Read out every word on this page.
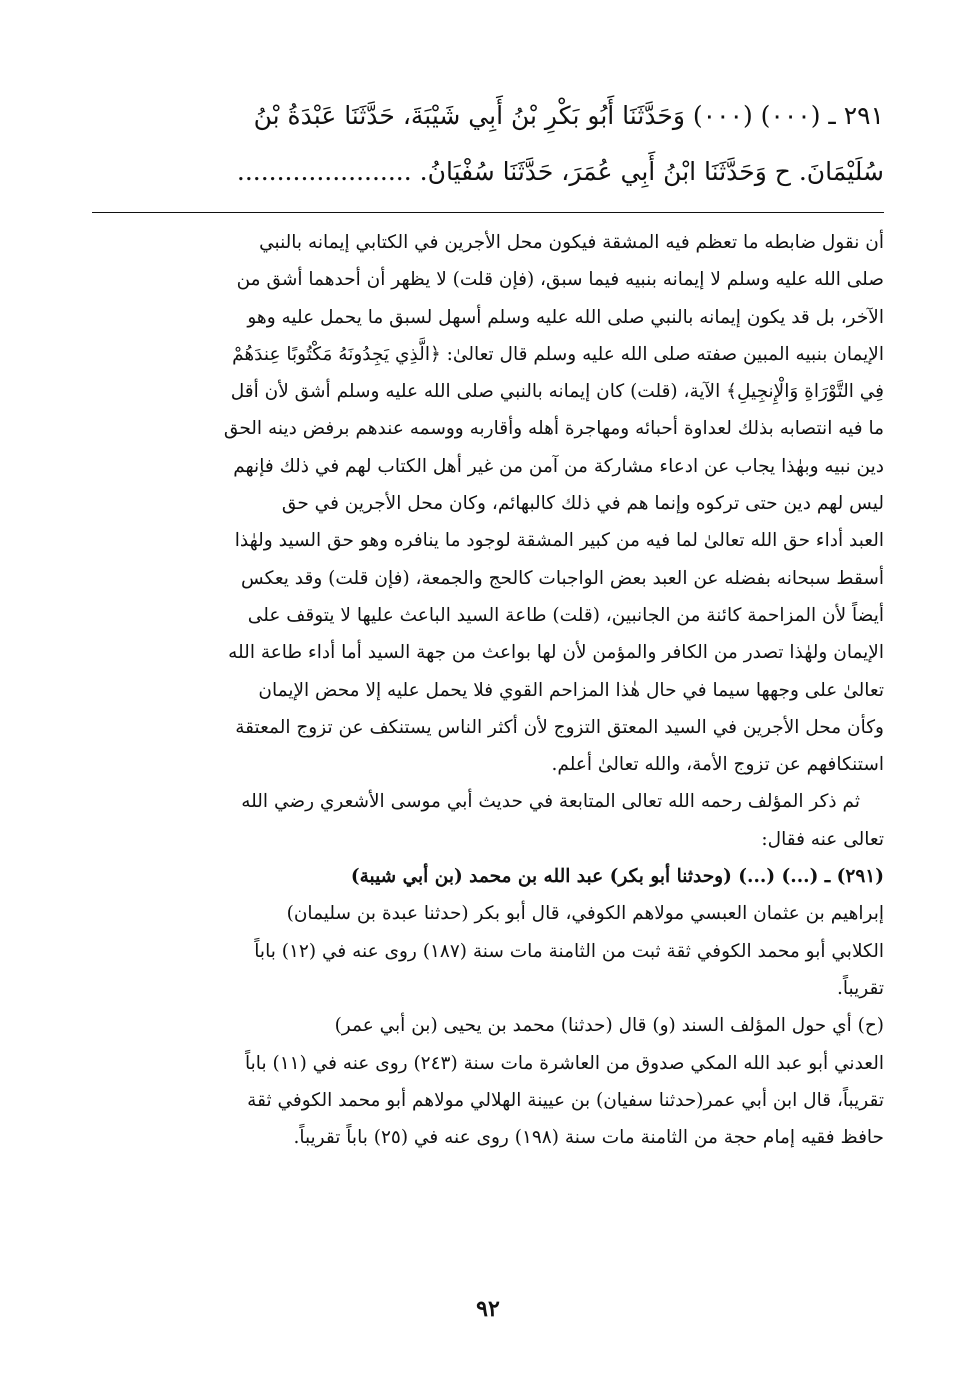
٢٩١ ـ (٠٠٠) (٠٠٠) وَحَدَّثَنَا أَبُو بَكْرِ بْنُ أَبِي شَيْبَةَ، حَدَّثَنَا عَبْدَةُ بْنُ
سُلَيْمَانَ. ح وَحَدَّثَنَا ابْنُ أَبِي عُمَرَ، حَدَّثَنَا سُفْيَانُ. ......................
أن نقول ضابطه ما تعظم فيه المشقة فيكون محل الأجرين في الكتابي إيمانه بالنبي
صلى الله عليه وسلم لا إيمانه بنبيه فيما سبق، (فإن قلت) لا يظهر أن أحدهما أشق من
الآخر، بل قد يكون إيمانه بالنبي صلى الله عليه وسلم أسهل لسبق ما يحمل عليه وهو
الإيمان بنبيه المبين صفته صلى الله عليه وسلم قال تعالىٰ: ﴿الَّذِي يَجِدُونَهُ مَكْتُوبًا عِندَهُمْ
فِي التَّوْرَاةِ وَالْإِنجِيلِ﴾ الآية، (قلت) كان إيمانه بالنبي صلى الله عليه وسلم أشق لأن أقل
ما فيه انتصابه بذلك لعداوة أحبائه ومهاجرة أهله وأقاربه ووسمه عندهم برفض دينه الحق
دين نبيه وبهٰذا يجاب عن ادعاء مشاركة من آمن من غير أهل الكتاب لهم في ذلك فإنهم
ليس لهم دين حتى تركوه وإنما هم في ذلك كالبهائم، وكان محل الأجرين في حق
العبد أداء حق الله تعالىٰ لما فيه من كبير المشقة لوجود ما ينافره وهو حق السيد ولهٰذا
أسقط سبحانه بفضله عن العبد بعض الواجبات كالحج والجمعة، (فإن قلت) وقد يعكس
أيضاً لأن المزاحمة كائنة من الجانبين، (قلت) طاعة السيد الباعث عليها لا يتوقف على
الإيمان ولهٰذا تصدر من الكافر والمؤمن لأن لها بواعث من جهة السيد أما أداء طاعة الله
تعالىٰ على وجهها سيما في حال هٰذا المزاحم القوي فلا يحمل عليه إلا محض الإيمان
وكأن محل الأجرين في السيد المعتق التزوج لأن أكثر الناس يستنكف عن تزوج المعتقة
استنكافهم عن تزوج الأمة، والله تعالىٰ أعلم.
ثم ذكر المؤلف رحمه الله تعالى المتابعة في حديث أبي موسى الأشعري رضي الله
تعالى عنه فقال:
(٢٩١) ـ (...) (...) (وحدثنا أبو بكر) عبد الله بن محمد (بن أبي شيبة)
إبراهيم بن عثمان العبسي مولاهم الكوفي، قال أبو بكر (حدثنا عبدة بن سليمان)
الكلابي أبو محمد الكوفي ثقة ثبت من الثامنة مات سنة (١٨٧) روى عنه في (١٢) باباً
تقريباً.
(ح) أي حول المؤلف السند (و) قال (حدثنا) محمد بن يحيى (بن أبي عمر)
العدني أبو عبد الله المكي صدوق من العاشرة مات سنة (٢٤٣) روى عنه في (١١) باباً
تقريباً، قال ابن أبي عمر(حدثنا سفيان) بن عيينة الهلالي مولاهم أبو محمد الكوفي ثقة
حافظ فقيه إمام حجة من الثامنة مات سنة (١٩٨) روى عنه في (٢٥) باباً تقريباً.
٩٢
